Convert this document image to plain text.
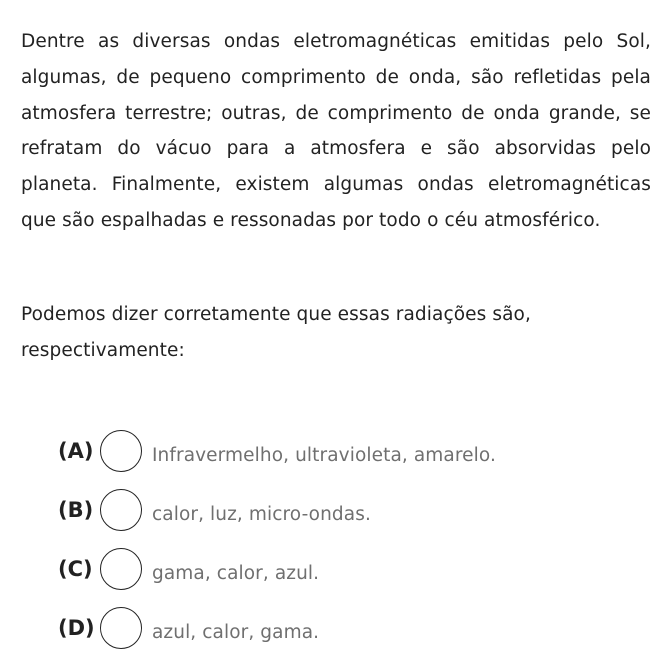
Dentre as diversas ondas eletromagnéticas emitidas pelo Sol, algumas, de pequeno comprimento de onda, são refletidas pela atmosfera terrestre; outras, de comprimento de onda grande, se refratam do vácuo para a atmosfera e são absorvidas pelo planeta. Finalmente, existem algumas ondas eletromagnéticas que são espalhadas e ressonadas por todo o céu atmosférico.

Podemos dizer corretamente que essas radiações são, respectivamente:

(A)	Infravermelho, ultravioleta, amarelo.
(B)	calor, luz, micro-ondas.
(C)	gama, calor, azul.
(D)	azul, calor, gama.
